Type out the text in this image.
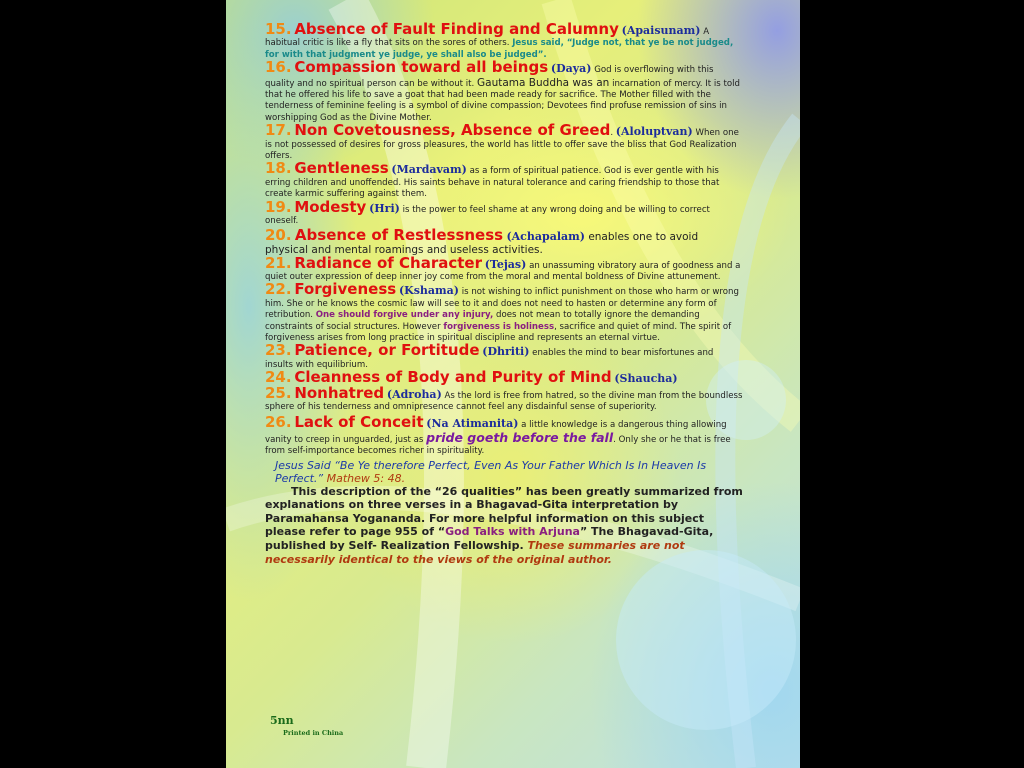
15. Absence of Fault Finding and Calumny (Apaisunam) A habitual critic is like a fly that sits on the sores of others. Jesus said, “Judge not, that ye be not judged, for with that judgment ye judge, ye shall also be judged”.
16. Compassion toward all beings (Daya) God is overflowing with this quality and no spiritual person can be without it. Gautama Buddha was an incarnation of mercy. It is told that he offered his life to save a goat that had been made ready for sacrifice. The Mother filled with the tenderness of feminine feeling is a symbol of divine compassion; Devotees find profuse remission of sins in worshipping God as the Divine Mother.
17. Non Covetousness, Absence of Greed. (Aloluptvan) When one is not possessed of desires for gross pleasures, the world has little to offer save the bliss that God Realization offers.
18. Gentleness (Mardavam) as a form of spiritual patience. God is ever gentle with his erring children and unoffended. His saints behave in natural tolerance and caring friendship to those that create karmic suffering against them.
19. Modesty (Hri) is the power to feel shame at any wrong doing and be willing to correct oneself.
20. Absence of Restlessness (Achapalam) enables one to avoid physical and mental roamings and useless activities.
21. Radiance of Character (Tejas) an unassuming vibratory aura of goodness and a quiet outer expression of deep inner joy come from the moral and mental boldness of Divine attunement.
22. Forgiveness (Kshama) is not wishing to inflict punishment on those who harm or wrong him. She or he knows the cosmic law will see to it and does not need to hasten or determine any form of retribution. One should forgive under any injury, does not mean to totally ignore the demanding constraints of social structures. However forgiveness is holiness, sacrifice and quiet of mind. The spirit of forgiveness arises from long practice in spiritual discipline and represents an eternal virtue.
23. Patience, or Fortitude (Dhriti) enables the mind to bear misfortunes and insults with equilibrium.
24. Cleanness of Body and Purity of Mind (Shaucha)
25. Nonhatred (Adroha) As the lord is free from hatred, so the divine man from the boundless sphere of his tenderness and omnipresence cannot feel any disdainful sense of superiority.
26. Lack of Conceit (Na Atimanita) a little knowledge is a dangerous thing allowing vanity to creep in unguarded, just as pride goeth before the fall. Only she or he that is free from self-importance becomes richer in spirituality.
Jesus Said “Be Ye therefore Perfect, Even As Your Father Which Is In Heaven Is Perfect.” Mathew 5: 48.
This description of the “26 qualities” has been greatly summarized from explanations on three verses in a Bhagavad-Gita interpretation by Paramahansa Yogananda. For more helpful information on this subject please refer to page 955 of “God Talks with Arjuna” The Bhagavad-Gita, published by Self- Realization Fellowship. These summaries are not necessarily identical to the views of the original author.
5nn
Printed in China
